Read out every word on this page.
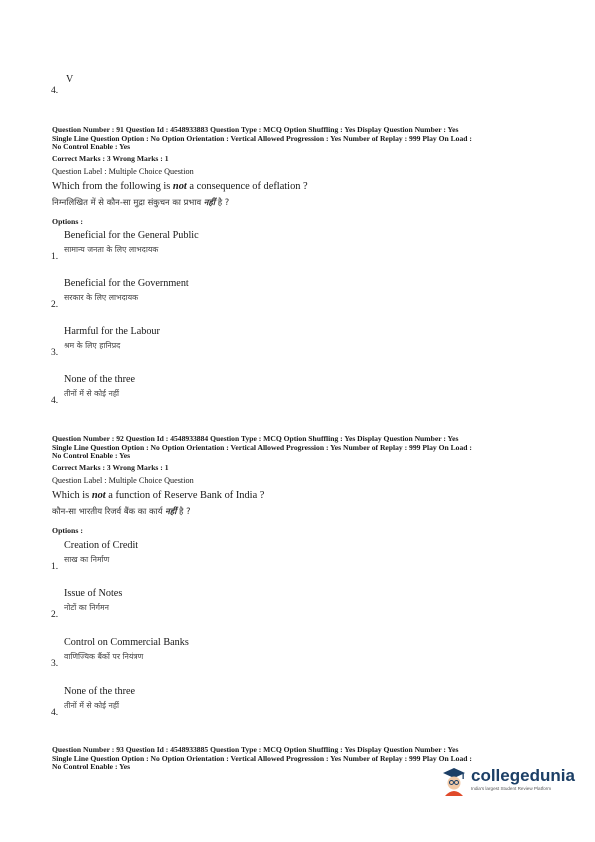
V
4.
Question Number : 91 Question Id : 4548933883 Question Type : MCQ Option Shuffling : Yes Display Question Number : Yes
Single Line Question Option : No Option Orientation : Vertical Allowed Progression : Yes Number of Replay : 999 Play On Load :
No Control Enable : Yes
Correct Marks : 3 Wrong Marks : 1
Question Label : Multiple Choice Question
Which from the following is not a consequence of deflation ?
निम्नलिखित में से कौन-सा मुद्रा संकुचन का प्रभाव नहीं है ?
Options :
Beneficial for the General Public
सामान्य जनता के लिए लाभदायक
1.
Beneficial for the Government
सरकार के लिए लाभदायक
2.
Harmful for the Labour
श्रम के लिए हानिप्रद
3.
None of the three
तीनों में से कोई नहीं
4.
Question Number : 92 Question Id : 4548933884 Question Type : MCQ Option Shuffling : Yes Display Question Number : Yes
Single Line Question Option : No Option Orientation : Vertical Allowed Progression : Yes Number of Replay : 999 Play On Load :
No Control Enable : Yes
Correct Marks : 3 Wrong Marks : 1
Question Label : Multiple Choice Question
Which is not a function of Reserve Bank of India ?
कौन-सा भारतीय रिजर्व बैंक का कार्य नहीं है ?
Options :
Creation of Credit
साख का निर्माण
1.
Issue of Notes
नोटों का निर्गमन
2.
Control on Commercial Banks
वाणिज्यिक बैंकों पर नियंत्रण
3.
None of the three
तीनों में से कोई नहीं
4.
Question Number : 93 Question Id : 4548933885 Question Type : MCQ Option Shuffling : Yes Display Question Number : Yes
Single Line Question Option : No Option Orientation : Vertical Allowed Progression : Yes Number of Replay : 999 Play On Load :
No Control Enable : Yes	collegedunia
India's largest Student Review Platform
